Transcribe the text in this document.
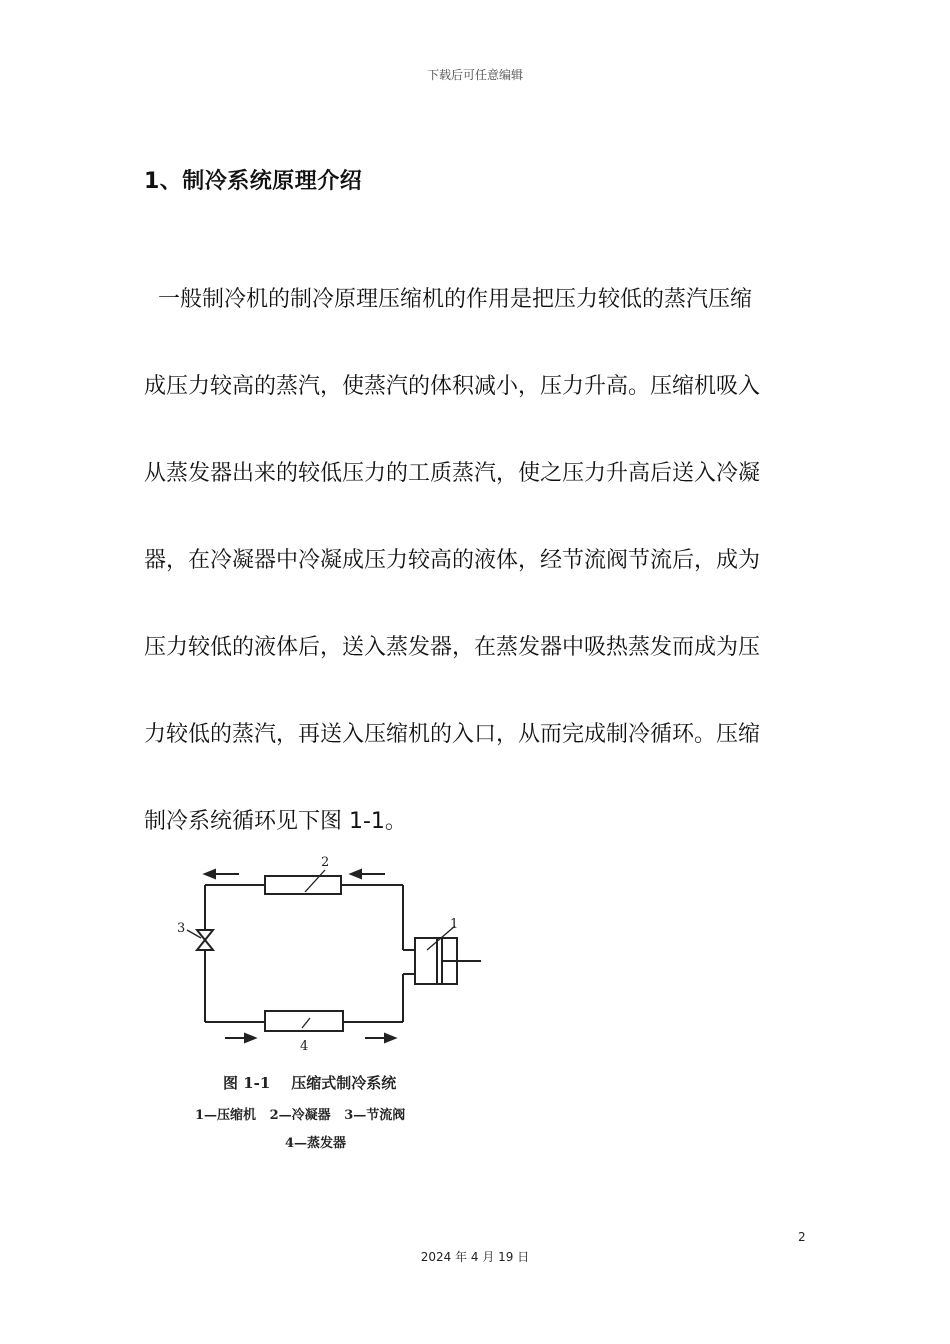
下载后可任意编辑
1、制冷系统原理介绍
一般制冷机的制冷原理压缩机的作用是把压力较低的蒸汽压缩
成压力较高的蒸汽，使蒸汽的体积减小，压力升高。压缩机吸入
从蒸发器出来的较低压力的工质蒸汽，使之压力升高后送入冷凝
器，在冷凝器中冷凝成压力较高的液体，经节流阀节流后，成为
压力较低的液体后，送入蒸发器，在蒸发器中吸热蒸发而成为压
力较低的蒸汽，再送入压缩机的入口，从而完成制冷循环。压缩
制冷系统循环见下图 1-1。
2
1
3
4
图 1-1    压缩式制冷系统
1—压缩机   2—冷凝器   3—节流阀
4—蒸发器
2
2024 年 4 月 19 日
